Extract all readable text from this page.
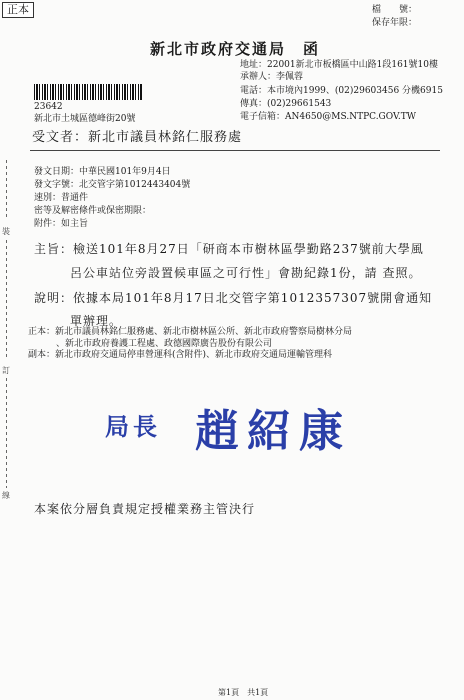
正本	檔　　號：
保存年限：
新北市政府交通局　函
地址：22001新北市板橋區中山路1段161號10樓
承辦人：李佩蓉
電話：本市境內1999、(02)29603456 分機6915
傳真：(02)29661543
電子信箱：AN4650@MS.NTPC.GOV.TW
23642
新北市土城區德峰街20號
受文者：新北市議員林銘仁服務處
發文日期：中華民國101年9月4日
發文字號：北交管字第1012443404號
速別：普通件
密等及解密條件或保密期限：
附件：如主旨
主旨：檢送101年8月27日「研商本市樹林區學勤路237號前大學風
呂公車站位旁設置候車區之可行性」會勘紀錄1份，請 查照。
說明：依據本局101年8月17日北交管字第1012357307號開會通知
單辦理。
正本：新北市議員林銘仁服務處、新北市樹林區公所、新北市政府警察局樹林分局
、新北市政府養護工程處、政德國際廣告股份有限公司
副本：新北市政府交通局停車營運科(含附件)、新北市政府交通局運輸管理科
裝
訂
線
局長 趙紹康
本案依分層負責規定授權業務主管決行
第1頁　共1頁
